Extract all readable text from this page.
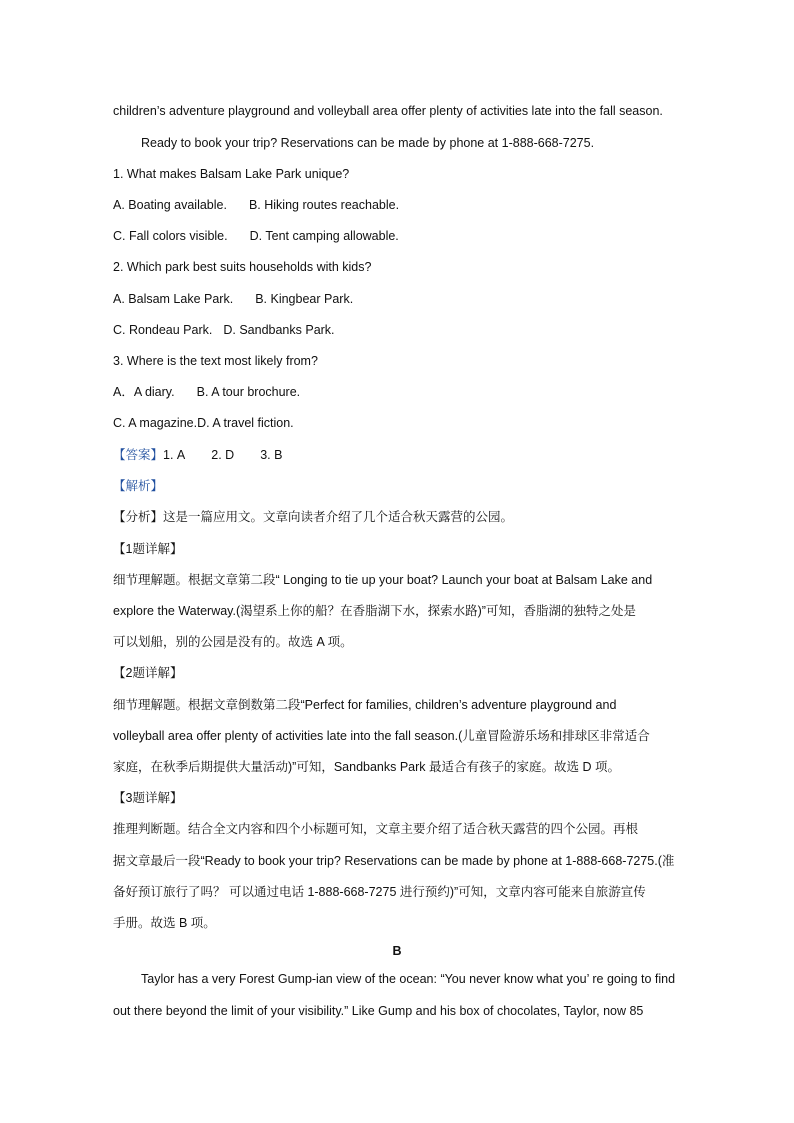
children’s adventure playground and volleyball area offer plenty of activities late into the fall season.
Ready to book your trip? Reservations can be made by phone at 1-888-668-7275.
1. What makes Balsam Lake Park unique?
A. Boating available. B. Hiking routes reachable.
C. Fall colors visible. D. Tent camping allowable.
2. Which park best suits households with kids?
A. Balsam Lake Park. B. Kingbear Park.
C. Rondeau Park. D. Sandbanks Park.
3. Where is the text most likely from?
A．A diary. B. A tour brochure.
C. A magazine.D. A travel fiction.
【答案】1. A 2. D 3. B
【解析】
【分析】这是一篇应用文。文章向读者介绍了几个适合秋天露营的公园。
【1题详解】
细节理解题。根据文章第二段“ Longing to tie up your boat? Launch your boat at Balsam Lake and
explore the Waterway.(渴望系上你的船？在香脂湖下水，探索水路)”可知，香脂湖的独特之处是
可以划船，别的公园是没有的。故选 A 项。
【2题详解】
细节理解题。根据文章倒数第二段“Perfect for families, children’s adventure playground and
volleyball area offer plenty of activities late into the fall season.(儿童冒险游乐场和排球区非常适合
家庭，在秋季后期提供大量活动)”可知，Sandbanks Park 最适合有孩子的家庭。故选 D 项。
【3题详解】
推理判断题。结合全文内容和四个小标题可知，文章主要介绍了适合秋天露营的四个公园。再根
据文章最后一段“Ready to book your trip? Reservations can be made by phone at 1-888-668-7275.(准
备好预订旅行了吗？ 可以通过电话 1-888-668-7275 进行预约)”可知，文章内容可能来自旅游宣传
手册。故选 B 项。
B
Taylor has a very Forest Gump-ian view of the ocean: “You never know what you’ re going to find
out there beyond the limit of your visibility.” Like Gump and his box of chocolates, Taylor, now 85
